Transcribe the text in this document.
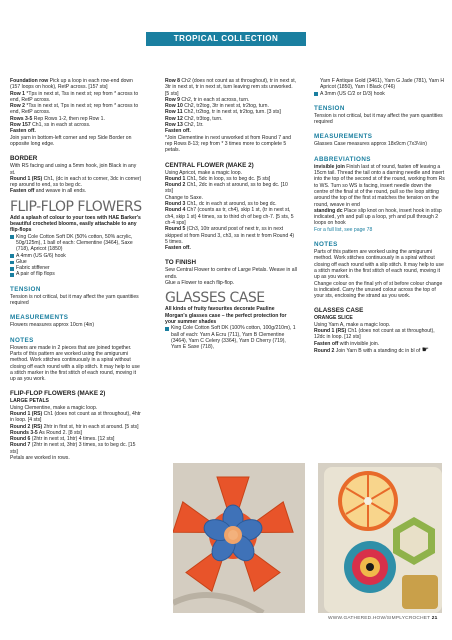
TROPICAL COLLECTION

Foundation row Pick up a loop in each row-end down (157 loops on hook), RetP across. [157 sts]

Row 1 *Tps in next st, Tss in next st; rep from * across to end, RetP across.

Row 2 *Tss in next st, Tps in next st; rep from * across to end, RetP across.

Rows 3-5 Rep Rows 1-2, then rep Row 1.

Row 157 Ch1, ss in each st across.

Fasten off.

Join yarn in bottom-left corner and rep Side Border on opposite long edge.

BORDER

With RS facing and using a 5mm hook, join Black in any st.

Round 1 (RS) Ch1, (dc in each st to corner, 3dc in corner) rep around to end, ss to beg dc.

Fasten off and weave in all ends.

FLIP-FLOP FLOWERS

Add a splash of colour to your toes with HAE Barker's beautiful crocheted blooms, easily attachable to any flip-flops

King Cole Cotton Soft DK (50% cotton, 50% acrylic, 50g/125m), 1 ball of each: Clementine (3464), Saxe (718), Apricot (1850)
A 4mm (US G/6) hook
Glue
Fabric stiffener
A pair of flip flops
TENSION

Tension is not critical, but it may affect the yarn quantities required

MEASUREMENTS

Flowers measures approx 10cm (4in)

NOTES

Flowers are made in 2 pieces that are joined together.

Parts of this pattern are worked using the amigurumi method. Work stitches continuously in a spiral without closing off each round with a slip stitch. It may help to use a stitch marker in the first stitch of each round, moving it up as you work.

FLIP-FLOP FLOWERS (MAKE 2)

LARGE PETALS

Using Clementine, make a magic loop.

Round 1 (RS) Ch1 (does not count as st throughout), 4htr in loop. [4 sts]

Round 2 (RS) 2htr in first st, htr in each st around. [5 sts]

Rounds 3-5 As Round 2. [8 sts]

Round 6 (2htr in next st, 1htr) 4 times. [12 sts]

Round 7 (2htr in next st, 3htr) 3 times, ss to beg dc. [15 sts]

Petals are worked in rows.

Row 8 Ch2 (does not count as st throughout), tr in next st, 3tr in next st, tr in next st, turn leaving rem sts unworked. [5 sts]

Row 9 Ch2, tr in each st across, turn.

Row 10 Ch2, tr2tog, 3tr in next st, tr2tog, turn.

Row 11 Ch2, tr2tog, tr in next st, tr2tog, turn. [3 sts]

Row 12 Ch2, tr3tog, turn.

Row 13 Ch2, 1tr.

Fasten off.

*Join Clementine in next unworked st from Round 7 and rep Rows 8-13; rep from * 3 times more to complete 5 petals.

CENTRAL FLOWER (MAKE 2)

Using Apricot, make a magic loop.

Round 1 Ch1, 5dc in loop, ss to beg dc. [5 sts]

Round 2 Ch1, 2dc in each st around, ss to beg dc. [10 sts]

Change to Saxe.

Round 3 Ch1, dc in each st around, ss to beg dc.

Round 4 Ch7 (counts as tr, ch4), skip 1 st, (tr in next st, ch4, skip 1 st) 4 times, ss to third ch of beg ch-7. [5 sts, 5 ch-4 sps]

Round 5 (Ch3, 10tr around post of next tr, ss in next skipped st from Round 3, ch3, ss in next tr from Round 4) 5 times.

Fasten off.

TO FINISH

Sew Central Flower to centre of Large Petals. Weave in all ends.

Glue a Flower to each flip-flop.

GLASSES CASE

All kinds of fruity favourites decorate Pauline Morgan's glasses case – the perfect protection for your summer shades

King Cole Cotton Soft DK (100% cotton, 100g/210m), 1 ball of each: Yarn A Ecru (711), Yarn B Clementine (3464), Yarn C Celery (3364), Yarn D Cherry (719), Yarn E Saxe (718),

Yarn F Antique Gold (3461), Yarn G Jade (781), Yarn H Apricot (1850), Yarn I Black (746)

A 3mm (US C/2 or D/3) hook
TENSION

Tension is not critical, but it may affect the yarn quantities required

MEASUREMENTS

Glasses Case measures approx 18x9cm (7x3½in)

ABBREVIATIONS

invisible join Finish last st of round, fasten off leaving a 15cm tail. Thread the tail onto a darning needle and insert into the top of the second st of the round, working from Rs to WS. Turn so WS is facing, insert needle down the centre of the final st of the round, pull so the loop sitting around the top of the first st matches the tension on the round, weave in end

standing dc Place slip knot on hook, insert hook in st/sp indicated, yrh and pull up a loop, yrh and pull through 2 loops on hook

For a full list, see page 78

NOTES

Parts of this pattern are worked using the amigurumi method. Work stitches continuously in a spiral without closing off each round with a slip stitch. It may help to use a stitch marker in the first stitch of each round, moving it up as you work.

Change colour on the final yrh of st before colour change is indicated. Carry the unused colour across the top of your sts, enclosing the strand as you work.

GLASSES CASE

ORANGE SLICE

Using Yarn A, make a magic loop.

Round 1 (RS) Ch1 (does not count as st throughout), 12dc in loop. [12 sts]

Fasten off with invisible join.

Round 2 Join Yarn B with a standing dc in bl of ☛

WWW.GATHERED.HOW/SIMPLYCROCHET 21
